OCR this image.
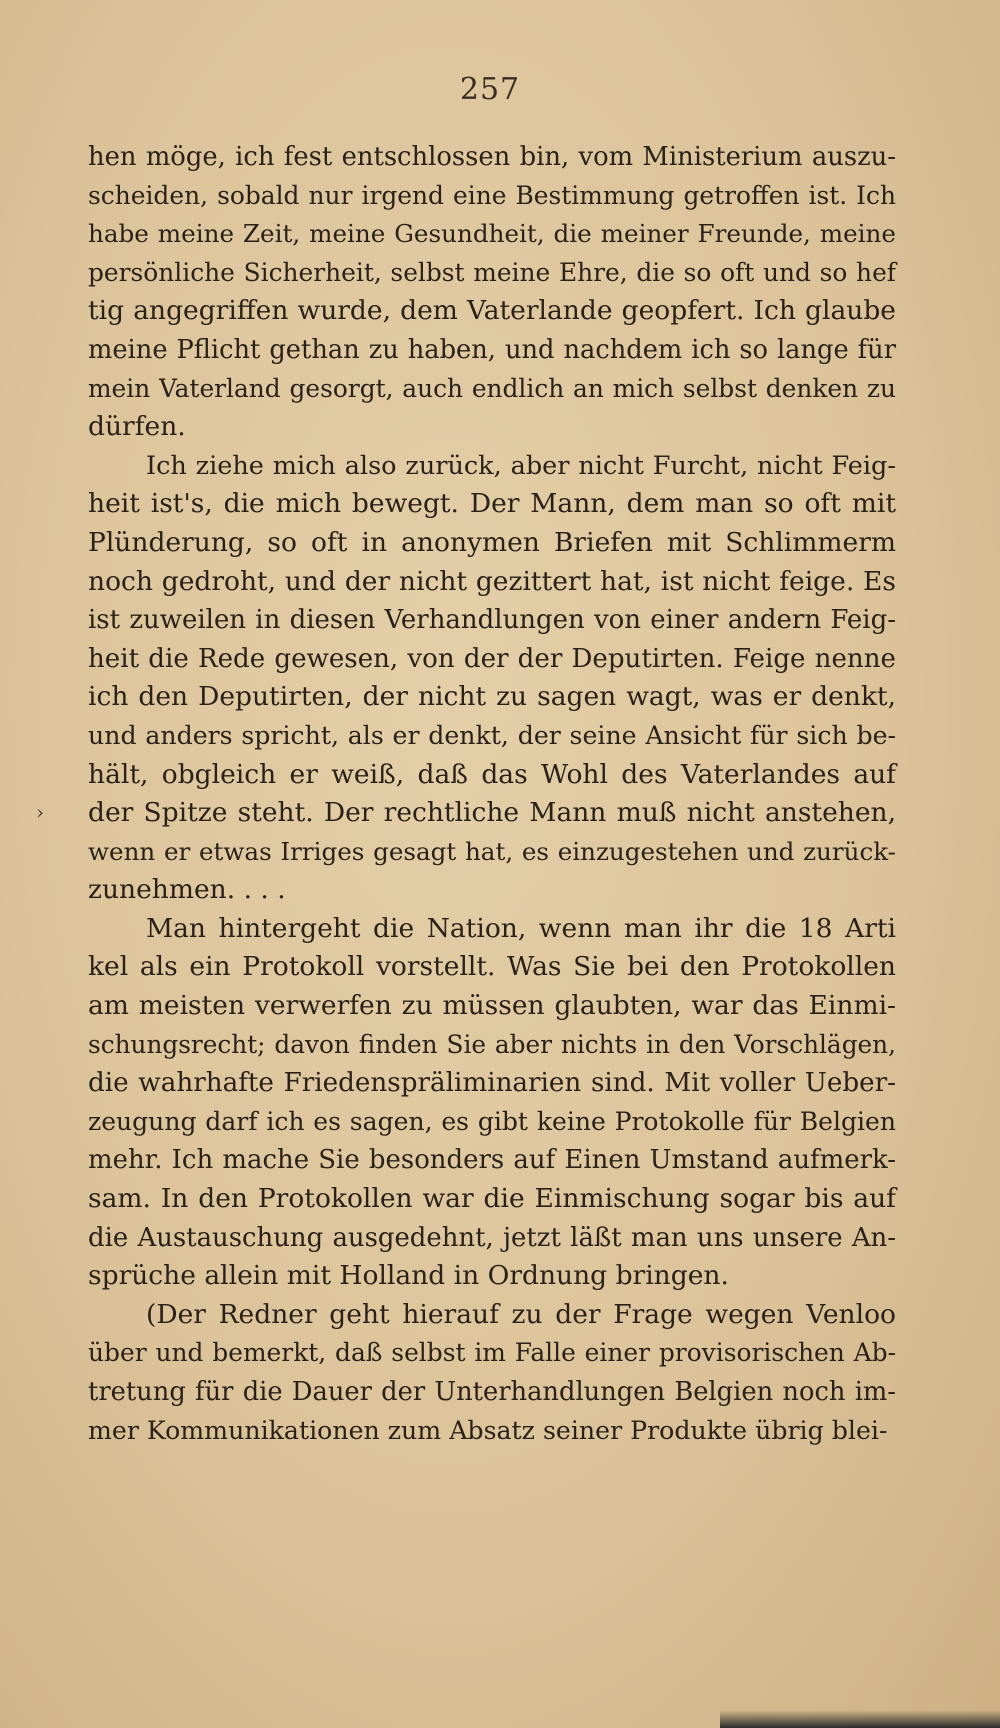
257
›
hen möge, ich fest entschlossen bin, vom Ministerium auszu-
scheiden, sobald nur irgend eine Bestimmung getroffen ist. Ich
habe meine Zeit, meine Gesundheit, die meiner Freunde, meine
persönliche Sicherheit, selbst meine Ehre, die so oft und so hef
tig angegriffen wurde, dem Vaterlande geopfert. Ich glaube
meine Pflicht gethan zu haben, und nachdem ich so lange für
mein Vaterland gesorgt, auch endlich an mich selbst denken zu
dürfen.
Ich ziehe mich also zurück, aber nicht Furcht, nicht Feig-
heit ist's, die mich bewegt. Der Mann, dem man so oft mit
Plünderung, so oft in anonymen Briefen mit Schlimmerm
noch gedroht, und der nicht gezittert hat, ist nicht feige. Es
ist zuweilen in diesen Verhandlungen von einer andern Feig-
heit die Rede gewesen, von der der Deputirten. Feige nenne
ich den Deputirten, der nicht zu sagen wagt, was er denkt,
und anders spricht, als er denkt, der seine Ansicht für sich be-
hält, obgleich er weiß, daß das Wohl des Vaterlandes auf
der Spitze steht. Der rechtliche Mann muß nicht anstehen,
wenn er etwas Irriges gesagt hat, es einzugestehen und zurück-
zunehmen. . . .
Man hintergeht die Nation, wenn man ihr die 18 Arti
kel als ein Protokoll vorstellt. Was Sie bei den Protokollen
am meisten verwerfen zu müssen glaubten, war das Einmi-
schungsrecht; davon finden Sie aber nichts in den Vorschlägen,
die wahrhafte Friedenspräliminarien sind. Mit voller Ueber-
zeugung darf ich es sagen, es gibt keine Protokolle für Belgien
mehr. Ich mache Sie besonders auf Einen Umstand aufmerk-
sam. In den Protokollen war die Einmischung sogar bis auf
die Austauschung ausgedehnt, jetzt läßt man uns unsere An-
sprüche allein mit Holland in Ordnung bringen.
(Der Redner geht hierauf zu der Frage wegen Venloo
über und bemerkt, daß selbst im Falle einer provisorischen Ab-
tretung für die Dauer der Unterhandlungen Belgien noch im-
mer Kommunikationen zum Absatz seiner Produkte übrig blei-
